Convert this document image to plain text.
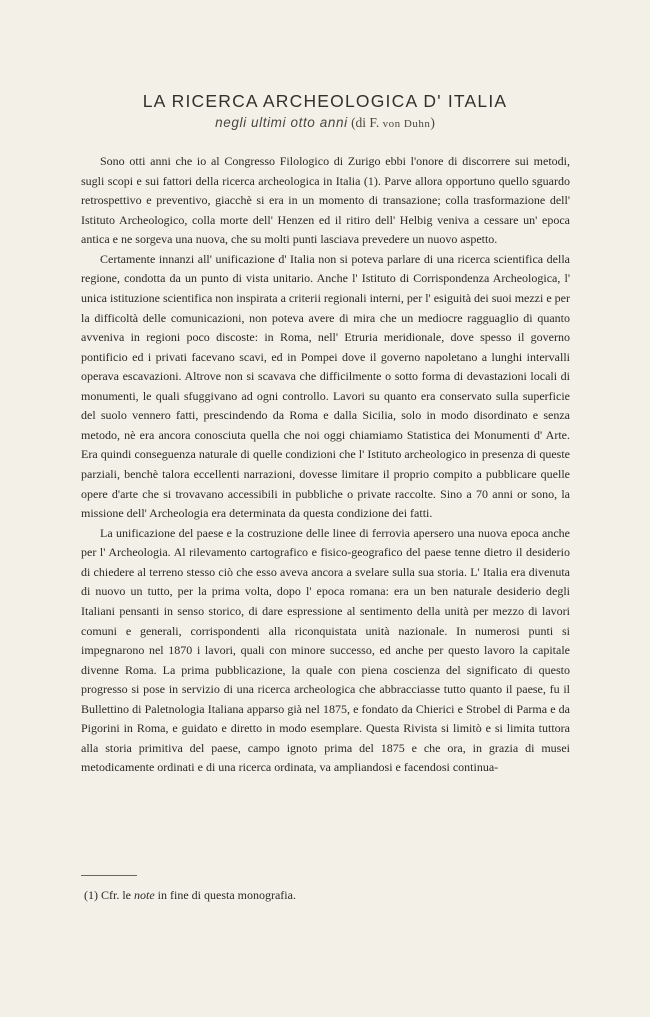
LA RICERCA ARCHEOLOGICA D' ITALIA
negli ultimi otto anni (di F. von Duhn)

Sono otti anni che io al Congresso Filologico di Zurigo ebbi l'onore di discorrere sui metodi, sugli scopi e sui fattori della ricerca archeologica in Italia (1). Parve allora opportuno quello sguardo retrospettivo e preventivo, giacchè si era in un momento di transazione; colla trasformazione dell' Istituto Archeologico, colla morte dell' Henzen ed il ritiro dell' Helbig veniva a cessare un' epoca antica e ne sorgeva una nuova, che su molti punti lasciava prevedere un nuovo aspetto.

Certamente innanzi all' unificazione d' Italia non si poteva parlare di una ricerca scientifica della regione, condotta da un punto di vista unitario. Anche l' Istituto di Corrispondenza Archeologica, l' unica istituzione scientifica non inspirata a criterii regionali interni, per l' esiguità dei suoi mezzi e per la difficoltà delle comunicazioni, non poteva avere di mira che un mediocre ragguaglio di quanto avveniva in regioni poco discoste: in Roma, nell' Etruria meridionale, dove spesso il governo pontificio ed i privati facevano scavi, ed in Pompei dove il governo napoletano a lunghi intervalli operava escavazioni. Altrove non si scavava che difficilmente o sotto forma di devastazioni locali di monumenti, le quali sfuggivano ad ogni controllo. Lavori su quanto era conservato sulla superficie del suolo vennero fatti, prescindendo da Roma e dalla Sicilia, solo in modo disordinato e senza metodo, nè era ancora conosciuta quella che noi oggi chiamiamo Statistica dei Monumenti d' Arte. Era quindi conseguenza naturale di quelle condizioni che l' Istituto archeologico in presenza di queste parziali, benchè talora eccellenti narrazioni, dovesse limitare il proprio compito a pubblicare quelle opere d'arte che si trovavano accessibili in pubbliche o private raccolte. Sino a 70 anni or sono, la missione dell' Archeologia era determinata da questa condizione dei fatti.

La unificazione del paese e la costruzione delle linee di ferrovia apersero una nuova epoca anche per l' Archeologia. Al rilevamento cartografico e fisico-geografico del paese tenne dietro il desiderio di chiedere al terreno stesso ciò che esso aveva ancora a svelare sulla sua storia. L' Italia era divenuta di nuovo un tutto, per la prima volta, dopo l' epoca romana: era un ben naturale desiderio degli Italiani pensanti in senso storico, di dare espressione al sentimento della unità per mezzo di lavori comuni e generali, corrispondenti alla riconquistata unità nazionale. In numerosi punti si impegnarono nel 1870 i lavori, quali con minore successo, ed anche per questo lavoro la capitale divenne Roma. La prima pubblicazione, la quale con piena coscienza del significato di questo progresso si pose in servizio di una ricerca archeologica che abbracciasse tutto quanto il paese, fu il Bullettino di Paletnologia Italiana apparso già nel 1875, e fondato da Chierici e Strobel di Parma e da Pigorini in Roma, e guidato e diretto in modo esemplare. Questa Rivista si limitò e si limita tuttora alla storia primitiva del paese, campo ignoto prima del 1875 e che ora, in grazia di musei metodicamente ordinati e di una ricerca ordinata, va ampliandosi e facendosi continua-

(1) Cfr. le note in fine di questa monografia.
